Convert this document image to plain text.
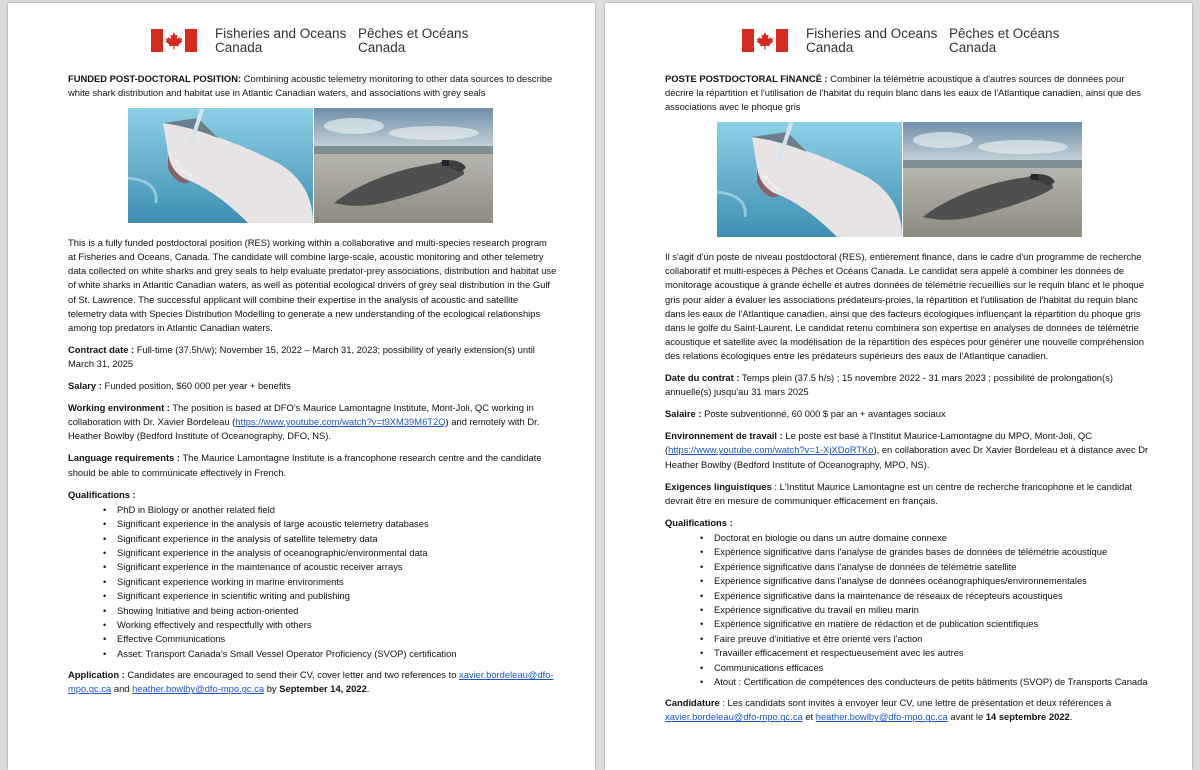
Fisheries and Oceans
Canada
Pêches et Océans
Canada

FUNDED POST-DOCTORAL POSITION: Combining acoustic telemetry monitoring to other data sources to describe white shark distribution and habitat use in Atlantic Canadian waters, and associations with grey seals

This is a fully funded postdoctoral position (RES) working within a collaborative and multi-species research program at Fisheries and Oceans, Canada. The candidate will combine large-scale, acoustic monitoring and other telemetry data collected on white sharks and grey seals to help evaluate predator-prey associations, distribution and habitat use of white sharks in Atlantic Canadian waters, as well as potential ecological drivers of grey seal distribution in the Gulf of St. Lawrence. The successful applicant will combine their expertise in the analysis of acoustic and satellite telemetry data with Species Distribution Modelling to generate a new understanding of the ecological relationships among top predators in Atlantic Canadian waters.

Contract date : Full-time (37.5h/w); November 15, 2022 – March 31, 2023; possibility of yearly extension(s) until March 31, 2025

Salary : Funded position, $60 000 per year + benefits

Working environment : The position is based at DFO’s Maurice Lamontagne Institute, Mont-Joli, QC working in collaboration with Dr. Xavier Bordeleau (https://www.youtube.com/watch?v=t9XM39M6T2Q) and remotely with Dr. Heather Bowlby (Bedford Institute of Oceanography, DFO, NS).

Language requirements : The Maurice Lamontagne Institute is a francophone research centre and the candidate should be able to communicate effectively in French.

Qualifications :

• PhD in Biology or another related field
• Significant experience in the analysis of large acoustic telemetry databases
• Significant experience in the analysis of satellite telemetry data
• Significant experience in the analysis of oceanographic/environmental data
• Significant experience in the maintenance of acoustic receiver arrays
• Significant experience working in marine environments
• Significant experience in scientific writing and publishing
• Showing Initiative and being action-oriented
• Working effectively and respectfully with others
• Effective Communications
• Asset: Transport Canada’s Small Vessel Operator Proficiency (SVOP) certification

Application : Candidates are encouraged to send their CV, cover letter and two references to xavier.bordeleau@dfo-mpo.gc.ca and heather.bowlby@dfo-mpo.gc.ca by September 14, 2022.

Fisheries and Oceans
Canada
Pêches et Océans
Canada

POSTE POSTDOCTORAL FINANCÉ : Combiner la télémétrie acoustique à d'autres sources de données pour décrire la répartition et l'utilisation de l'habitat du requin blanc dans les eaux de l'Atlantique canadien, ainsi que des associations avec le phoque gris

Il s'agit d'un poste de niveau postdoctoral (RES), entièrement financé, dans le cadre d'un programme de recherche collaboratif et multi-espèces à Pêches et Océans Canada. Le candidat sera appelé à combiner les données de monitorage acoustique à grande échelle et autres données de télémétrie recueillies sur le requin blanc et le phoque gris pour aider à évaluer les associations prédateurs-proies, la répartition et l'utilisation de l'habitat du requin blanc dans les eaux de l'Atlantique canadien, ainsi que des facteurs écologiques influençant la répartition du phoque gris dans le golfe du Saint-Laurent. Le candidat retenu combinera son expertise en analyses de données de télémétrie acoustique et satellite avec la modélisation de la répartition des espèces pour générer une nouvelle compréhension des relations écologiques entre les prédateurs supérieurs des eaux de l'Atlantique canadien.

Date du contrat : Temps plein (37.5 h/s) ; 15 novembre 2022 - 31 mars 2023 ; possibilité de prolongation(s) annuelle(s) jusqu'au 31 mars 2025

Salaire : Poste subventionné, 60 000 $ par an + avantages sociaux

Environnement de travail : Le poste est basé à l'Institut Maurice-Lamontagne du MPO, Mont-Joli, QC (https://www.youtube.com/watch?v=1-XjXDoRTKo), en collaboration avec Dr Xavier Bordeleau et à distance avec Dr Heather Bowlby (Bedford Institute of Oceanography, MPO, NS).

Exigences linguistiques : L'Institut Maurice Lamontagne est un centre de recherche francophone et le candidat devrait être en mesure de communiquer efficacement en français.

Qualifications :

• Doctorat en biologie ou dans un autre domaine connexe
• Expérience significative dans l'analyse de grandes bases de données de télémétrie acoustique
• Expérience significative dans l'analyse de données de télémétrie satellite
• Expérience significative dans l'analyse de données océanographiques/environnementales
• Expérience significative dans la maintenance de réseaux de récepteurs acoustiques
• Expérience significative du travail en milieu marin
• Expérience significative en matière de rédaction et de publication scientifiques
• Faire preuve d'initiative et être orienté vers l'action
• Travailler efficacement et respectueusement avec les autres
• Communications efficaces
• Atout : Certification de compétences des conducteurs de petits bâtiments (SVOP) de Transports Canada

Candidature : Les candidats sont invités à envoyer leur CV, une lettre de présentation et deux références à xavier.bordeleau@dfo-mpo.gc.ca et heather.bowlby@dfo-mpo.gc.ca avant le 14 septembre 2022.
